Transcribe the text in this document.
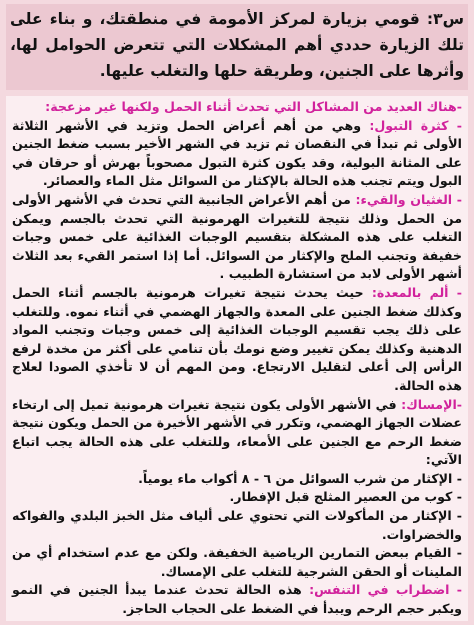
س٣: قومي بزيارة لمركز الأمومة في منطقتك، و بناء على تلك الزيارة حددي أهم المشكلات التي تتعرض الحوامل لها، وأثرها على الجنين، وطريقة حلها والتغلب عليها.

-هناك العديد من المشاكل التي تحدث أثناء الحمل ولكنها غير مزعجة:

- كثرة التبول: وهي من أهم أعراض الحمل وتزيد في الأشهر الثلاثة الأولى ثم تبدأ في النقصان ثم تزيد في الشهر الأخير بسبب ضغط الجنين على المثانة البولية، وقد يكون كثرة التبول مصحوباً بهرش أو حرقان في البول ويتم تجنب هذه الحالة بالإكثار من السوائل مثل الماء والعصائر.

- الغثيان والقيء: من أهم الأعراض الجانبية التي تحدث في الأشهر الأولى من الحمل وذلك نتيجة للتغيرات الهرمونية التي تحدث بالجسم ويمكن التغلب على هذه المشكلة بتقسيم الوجبات الغذائية على خمس وجبات خفيفة وتجنب الملح والإكثار من السوائل. أما إذا استمر القيء بعد الثلاث أشهر الأولى لابد من استشارة الطبيب .

- ألم بالمعدة: حيث يحدث نتيجة تغيرات هرمونية بالجسم أثناء الحمل وكذلك ضغط الجنين على المعدة والجهاز الهضمي في أثناء نموه. وللتغلب على ذلك يجب تقسيم الوجبات الغذائية إلى خمس وجبات وتجنب المواد الدهنية وكذلك يمكن تغيير وضع نومك بأن تنامي على أكثر من مخدة لرفع الرأس إلى أعلى لتقليل الارتجاع. ومن المهم أن لا تأخذي الصودا لعلاج هذه الحالة.

-الإمساك: في الأشهر الأولى يكون نتيجة تغيرات هرمونية تميل إلى ارتخاء عضلات الجهاز الهضمي، وتكرر في الأشهر الأخيرة من الحمل ويكون نتيجة ضغط الرحم مع الجنين على الأمعاء، وللتغلب على هذه الحالة يجب اتباع الآتي:

- الإكثار من شرب السوائل من ٦ - ٨ أكواب ماء يومياً.

- كوب من العصير المثلج قبل الإفطار.

- الإكثار من المأكولات التي تحتوي على ألياف مثل الخبز البلدي والفواكه والخضراوات.

- القيام ببعض التمارين الرياضية الخفيفة. ولكن مع عدم استخدام أي من الملينات أو الحقن الشرجية للتغلب على الإمساك.

- اضطراب في التنفس: هذه الحالة تحدث عندما يبدأ الجنين في النمو ويكبر حجم الرحم ويبدأ في الضغط على الحجاب الحاجز.
